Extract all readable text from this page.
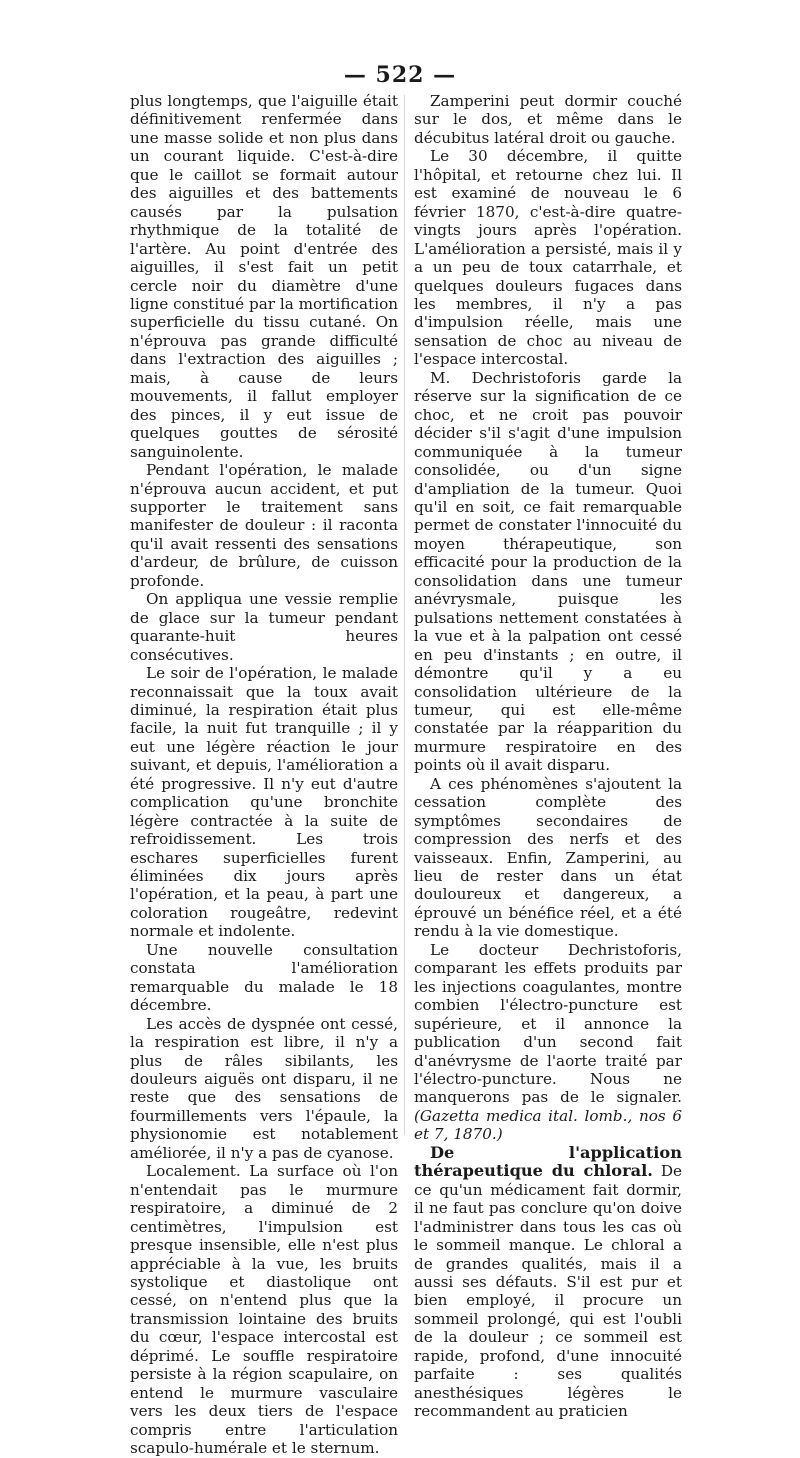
— 522 —

plus longtemps, que l'aiguille était définitivement renfermée dans une masse solide et non plus dans un courant liquide. C'est-à-dire que le caillot se formait autour des aiguilles et des battements causés par la pulsation rhythmique de la totalité de l'artère. Au point d'entrée des aiguilles, il s'est fait un petit cercle noir du diamètre d'une ligne constitué par la mortification superficielle du tissu cutané. On n'éprouva pas grande difficulté dans l'extraction des aiguilles ; mais, à cause de leurs mouvements, il fallut employer des pinces, il y eut issue de quelques gouttes de sérosité sanguinolente.

Pendant l'opération, le malade n'éprouva aucun accident, et put supporter le traitement sans manifester de douleur : il raconta qu'il avait ressenti des sensations d'ardeur, de brûlure, de cuisson profonde.

On appliqua une vessie remplie de glace sur la tumeur pendant quarante-huit heures consécutives.

Le soir de l'opération, le malade reconnaissait que la toux avait diminué, la respiration était plus facile, la nuit fut tranquille ; il y eut une légère réaction le jour suivant, et depuis, l'amélioration a été progressive. Il n'y eut d'autre complication qu'une bronchite légère contractée à la suite de refroidissement. Les trois eschares superficielles furent éliminées dix jours après l'opération, et la peau, à part une coloration rougeâtre, redevint normale et indolente.

Une nouvelle consultation constata l'amélioration remarquable du malade le 18 décembre.

Les accès de dyspnée ont cessé, la respiration est libre, il n'y a plus de râles sibilants, les douleurs aiguës ont disparu, il ne reste que des sensations de fourmillements vers l'épaule, la physionomie est notablement améliorée, il n'y a pas de cyanose.

Localement. La surface où l'on n'entendait pas le murmure respiratoire, a diminué de 2 centimètres, l'impulsion est presque insensible, elle n'est plus appréciable à la vue, les bruits systolique et diastolique ont cessé, on n'entend plus que la transmission lointaine des bruits du cœur, l'espace intercostal est déprimé. Le souffle respiratoire persiste à la région scapulaire, on entend le murmure vasculaire vers les deux tiers de l'espace compris entre l'articulation scapulo-humérale et le sternum.

Zamperini peut dormir couché sur le dos, et même dans le décubitus latéral droit ou gauche.

Le 30 décembre, il quitte l'hôpital, et retourne chez lui. Il est examiné de nouveau le 6 février 1870, c'est-à-dire quatre-vingts jours après l'opération. L'amélioration a persisté, mais il y a un peu de toux catarrhale, et quelques douleurs fugaces dans les membres, il n'y a pas d'impulsion réelle, mais une sensation de choc au niveau de l'espace intercostal.

M. Dechristoforis garde la réserve sur la signification de ce choc, et ne croit pas pouvoir décider s'il s'agit d'une impulsion communiquée à la tumeur consolidée, ou d'un signe d'ampliation de la tumeur. Quoi qu'il en soit, ce fait remarquable permet de constater l'innocuité du moyen thérapeutique, son efficacité pour la production de la consolidation dans une tumeur anévrysmale, puisque les pulsations nettement constatées à la vue et à la palpation ont cessé en peu d'instants ; en outre, il démontre qu'il y a eu consolidation ultérieure de la tumeur, qui est elle-même constatée par la réapparition du murmure respiratoire en des points où il avait disparu.

A ces phénomènes s'ajoutent la cessation complète des symptômes secondaires de compression des nerfs et des vaisseaux. Enfin, Zamperini, au lieu de rester dans un état douloureux et dangereux, a éprouvé un bénéfice réel, et a été rendu à la vie domestique.

Le docteur Dechristoforis, comparant les effets produits par les injections coagulantes, montre combien l'électro-puncture est supérieure, et il annonce la publication d'un second fait d'anévrysme de l'aorte traité par l'électro-puncture. Nous ne manquerons pas de le signaler. (Gazetta medica ital. lomb., nos 6 et 7, 1870.)

De l'application thérapeutique du chloral. De ce qu'un médicament fait dormir, il ne faut pas conclure qu'on doive l'administrer dans tous les cas où le sommeil manque. Le chloral a de grandes qualités, mais il a aussi ses défauts. S'il est pur et bien employé, il procure un sommeil prolongé, qui est l'oubli de la douleur ; ce sommeil est rapide, profond, d'une innocuité parfaite : ses qualités anesthésiques légères le recommandent au praticien
